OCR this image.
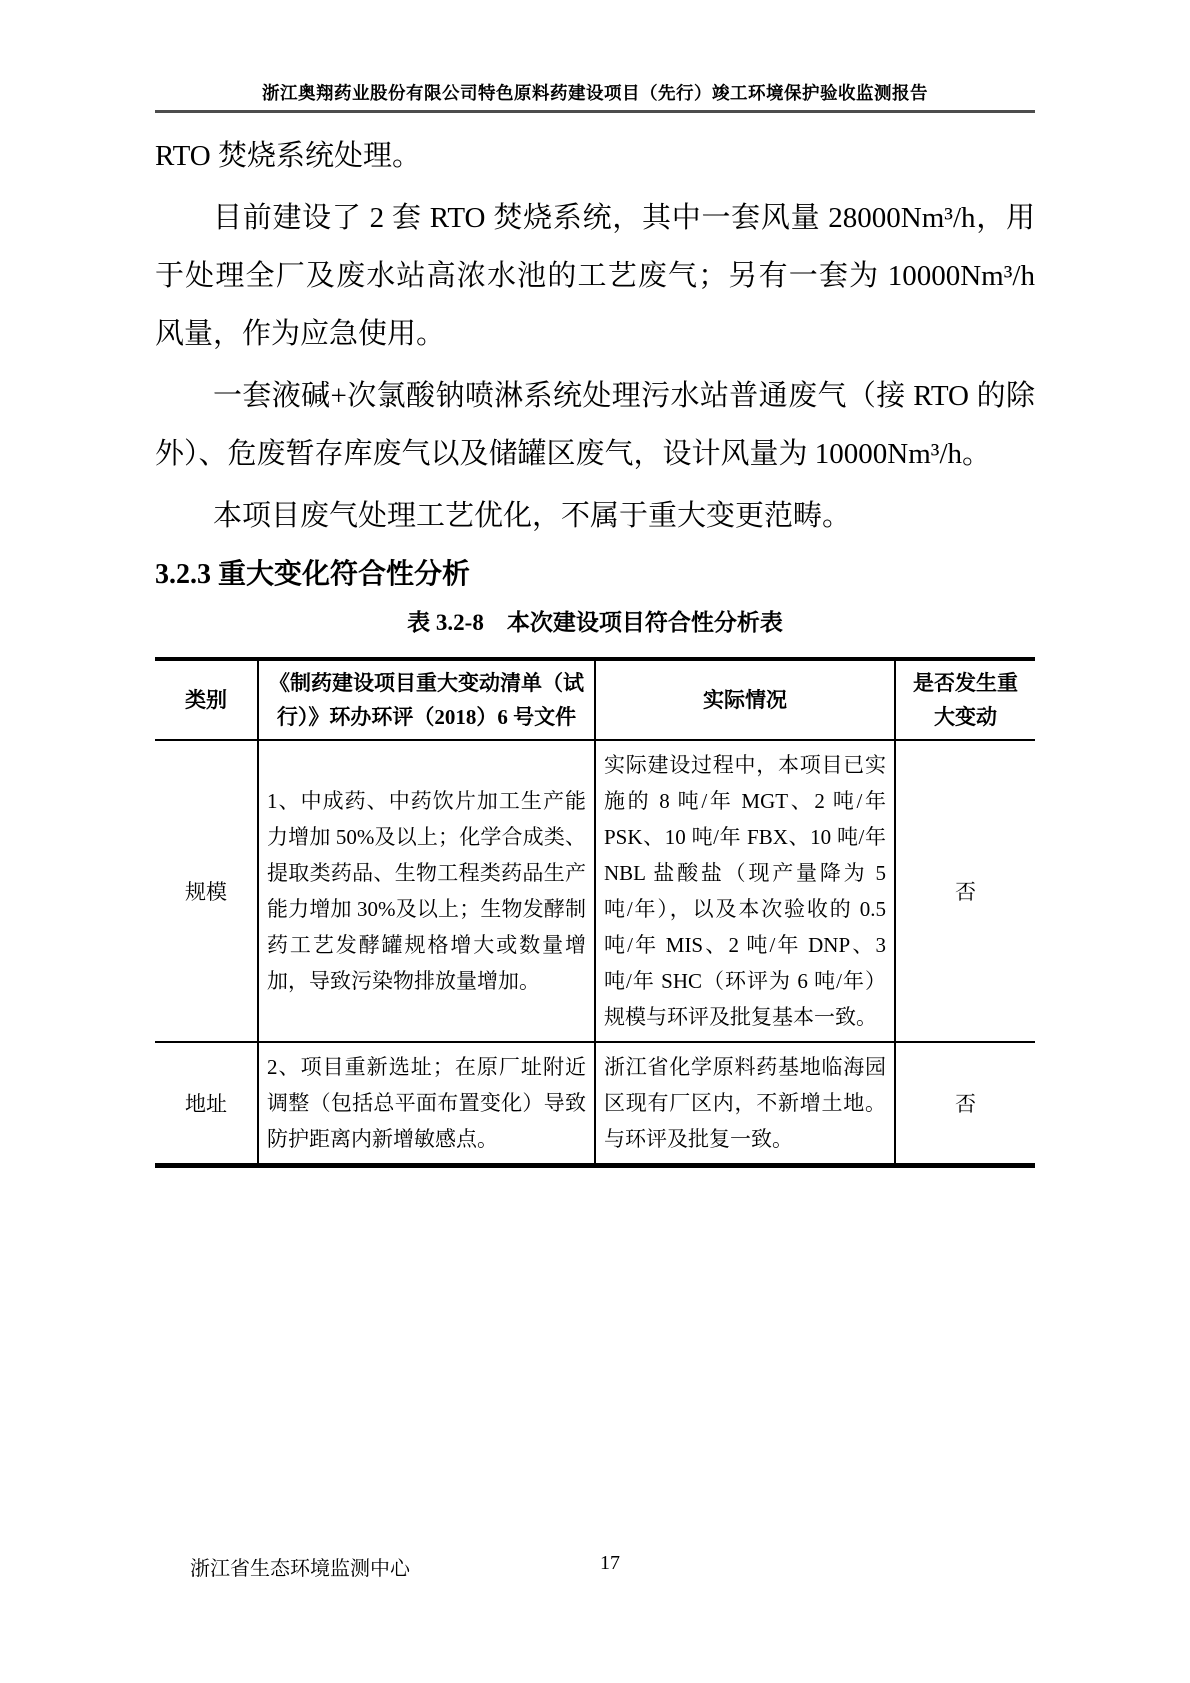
浙江奥翔药业股份有限公司特色原料药建设项目（先行）竣工环境保护验收监测报告

RTO 焚烧系统处理。

目前建设了 2 套 RTO 焚烧系统，其中一套风量 28000Nm³/h，用于处理全厂及废水站高浓水池的工艺废气；另有一套为 10000Nm³/h 风量，作为应急使用。

一套液碱+次氯酸钠喷淋系统处理污水站普通废气（接 RTO 的除外）、危废暂存库废气以及储罐区废气，设计风量为 10000Nm³/h。

本项目废气处理工艺优化，不属于重大变更范畴。

3.2.3 重大变化符合性分析
表 3.2-8　本次建设项目符合性分析表
类别	《制药建设项目重大变动清单（试行）》环办环评（2018）6 号文件	实际情况	是否发生重大变动
规模	1、中成药、中药饮片加工生产能力增加 50%及以上；化学合成类、提取类药品、生物工程类药品生产能力增加 30%及以上；生物发酵制药工艺发酵罐规格增大或数量增加，导致污染物排放量增加。	实际建设过程中，本项目已实施的 8 吨/年 MGT、2 吨/年 PSK、10 吨/年 FBX、10 吨/年 NBL 盐酸盐（现产量降为 5 吨/年），以及本次验收的 0.5 吨/年 MIS、2 吨/年 DNP、3 吨/年 SHC（环评为 6 吨/年）规模与环评及批复基本一致。	否
地址	2、项目重新选址；在原厂址附近调整（包括总平面布置变化）导致防护距离内新增敏感点。	浙江省化学原料药基地临海园区现有厂区内，不新增土地。与环评及批复一致。	否
浙江省生态环境监测中心	17
